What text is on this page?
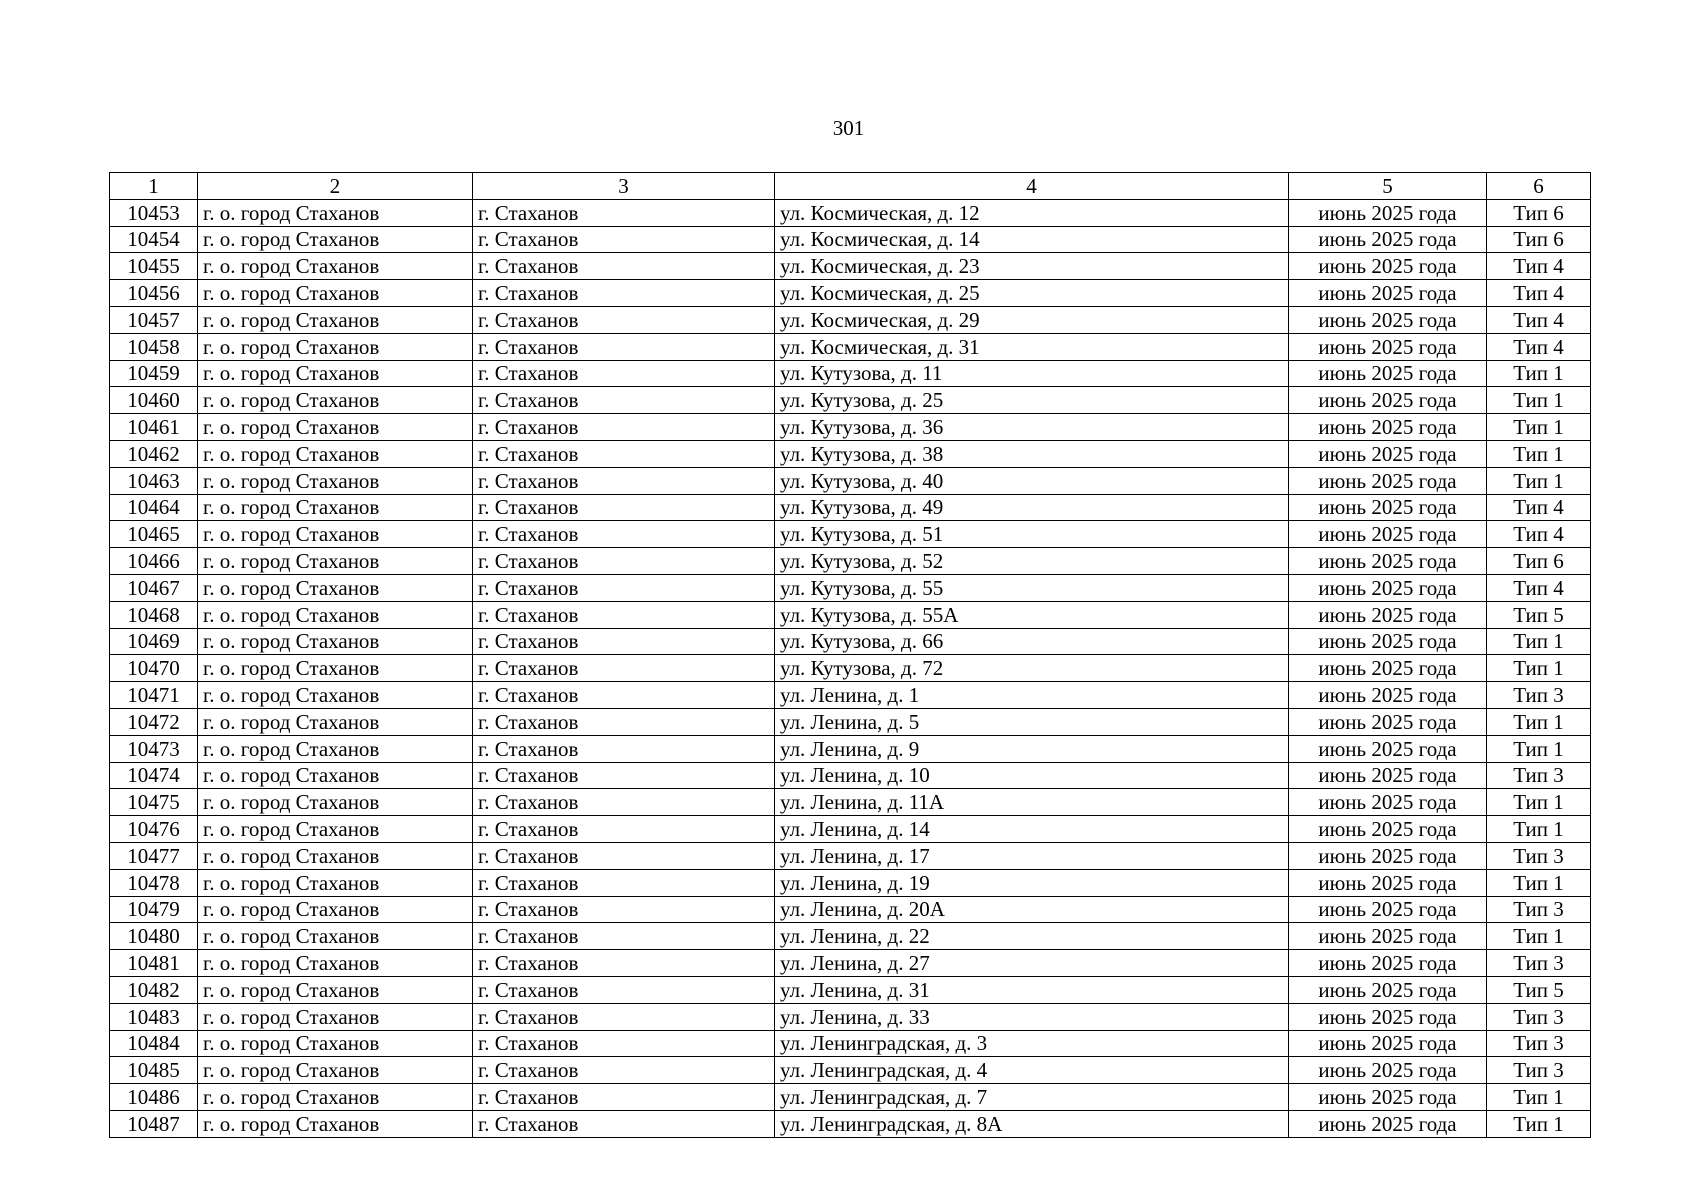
301
1	2	3	4	5	6
10453	г. о. город Стаханов	г. Стаханов	ул. Космическая, д. 12	июнь 2025 года	Тип 6
10454	г. о. город Стаханов	г. Стаханов	ул. Космическая, д. 14	июнь 2025 года	Тип 6
10455	г. о. город Стаханов	г. Стаханов	ул. Космическая, д. 23	июнь 2025 года	Тип 4
10456	г. о. город Стаханов	г. Стаханов	ул. Космическая, д. 25	июнь 2025 года	Тип 4
10457	г. о. город Стаханов	г. Стаханов	ул. Космическая, д. 29	июнь 2025 года	Тип 4
10458	г. о. город Стаханов	г. Стаханов	ул. Космическая, д. 31	июнь 2025 года	Тип 4
10459	г. о. город Стаханов	г. Стаханов	ул. Кутузова, д. 11	июнь 2025 года	Тип 1
10460	г. о. город Стаханов	г. Стаханов	ул. Кутузова, д. 25	июнь 2025 года	Тип 1
10461	г. о. город Стаханов	г. Стаханов	ул. Кутузова, д. 36	июнь 2025 года	Тип 1
10462	г. о. город Стаханов	г. Стаханов	ул. Кутузова, д. 38	июнь 2025 года	Тип 1
10463	г. о. город Стаханов	г. Стаханов	ул. Кутузова, д. 40	июнь 2025 года	Тип 1
10464	г. о. город Стаханов	г. Стаханов	ул. Кутузова, д. 49	июнь 2025 года	Тип 4
10465	г. о. город Стаханов	г. Стаханов	ул. Кутузова, д. 51	июнь 2025 года	Тип 4
10466	г. о. город Стаханов	г. Стаханов	ул. Кутузова, д. 52	июнь 2025 года	Тип 6
10467	г. о. город Стаханов	г. Стаханов	ул. Кутузова, д. 55	июнь 2025 года	Тип 4
10468	г. о. город Стаханов	г. Стаханов	ул. Кутузова, д. 55А	июнь 2025 года	Тип 5
10469	г. о. город Стаханов	г. Стаханов	ул. Кутузова, д. 66	июнь 2025 года	Тип 1
10470	г. о. город Стаханов	г. Стаханов	ул. Кутузова, д. 72	июнь 2025 года	Тип 1
10471	г. о. город Стаханов	г. Стаханов	ул. Ленина, д. 1	июнь 2025 года	Тип 3
10472	г. о. город Стаханов	г. Стаханов	ул. Ленина, д. 5	июнь 2025 года	Тип 1
10473	г. о. город Стаханов	г. Стаханов	ул. Ленина, д. 9	июнь 2025 года	Тип 1
10474	г. о. город Стаханов	г. Стаханов	ул. Ленина, д. 10	июнь 2025 года	Тип 3
10475	г. о. город Стаханов	г. Стаханов	ул. Ленина, д. 11А	июнь 2025 года	Тип 1
10476	г. о. город Стаханов	г. Стаханов	ул. Ленина, д. 14	июнь 2025 года	Тип 1
10477	г. о. город Стаханов	г. Стаханов	ул. Ленина, д. 17	июнь 2025 года	Тип 3
10478	г. о. город Стаханов	г. Стаханов	ул. Ленина, д. 19	июнь 2025 года	Тип 1
10479	г. о. город Стаханов	г. Стаханов	ул. Ленина, д. 20А	июнь 2025 года	Тип 3
10480	г. о. город Стаханов	г. Стаханов	ул. Ленина, д. 22	июнь 2025 года	Тип 1
10481	г. о. город Стаханов	г. Стаханов	ул. Ленина, д. 27	июнь 2025 года	Тип 3
10482	г. о. город Стаханов	г. Стаханов	ул. Ленина, д. 31	июнь 2025 года	Тип 5
10483	г. о. город Стаханов	г. Стаханов	ул. Ленина, д. 33	июнь 2025 года	Тип 3
10484	г. о. город Стаханов	г. Стаханов	ул. Ленинградская, д. 3	июнь 2025 года	Тип 3
10485	г. о. город Стаханов	г. Стаханов	ул. Ленинградская, д. 4	июнь 2025 года	Тип 3
10486	г. о. город Стаханов	г. Стаханов	ул. Ленинградская, д. 7	июнь 2025 года	Тип 1
10487	г. о. город Стаханов	г. Стаханов	ул. Ленинградская, д. 8А	июнь 2025 года	Тип 1
